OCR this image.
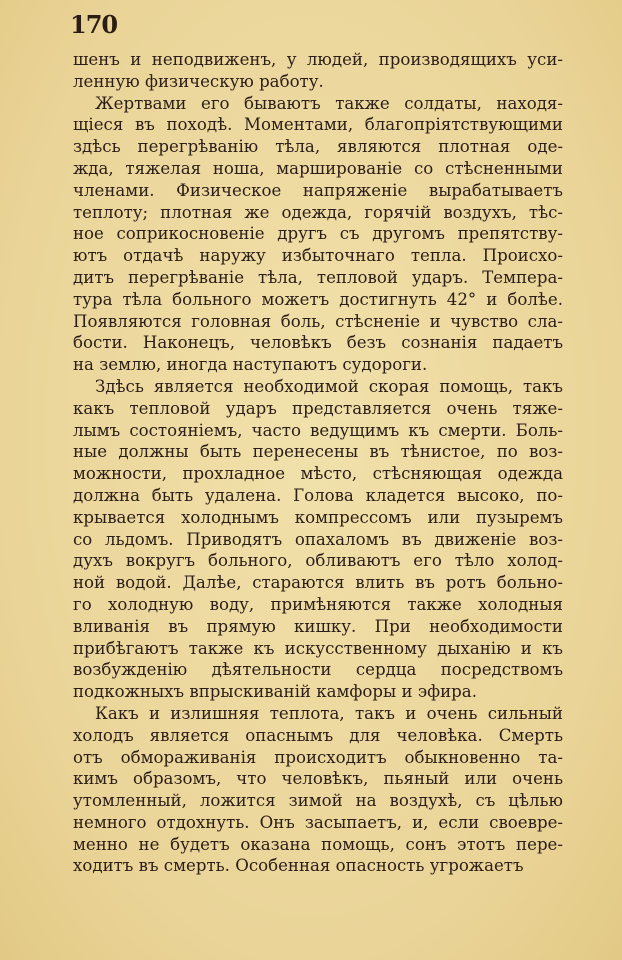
170
шенъ и неподвиженъ, у людей, производящихъ уси-
ленную физическую работу.
Жертвами его бываютъ также солдаты, находя-
щіеся въ походѣ. Моментами, благопріятствующими
здѣсь перегрѣванію тѣла, являются плотная оде-
жда, тяжелая ноша, маршированіе со стѣсненными
членами. Физическое напряженіе вырабатываетъ
теплоту; плотная же одежда, горячій воздухъ, тѣс-
ное соприкосновеніе другъ съ другомъ препятству-
ютъ отдачѣ наружу избыточнаго тепла. Происхо-
дитъ перегрѣваніе тѣла, тепловой ударъ. Темпера-
тура тѣла больного можетъ достигнуть 42° и болѣе.
Появляются головная боль, стѣсненіе и чувство сла-
бости. Наконецъ, человѣкъ безъ сознанія падаетъ
на землю, иногда наступаютъ судороги.
Здѣсь является необходимой скорая помощь, такъ
какъ тепловой ударъ представляется очень тяже-
лымъ состояніемъ, часто ведущимъ къ смерти. Боль-
ные должны быть перенесены въ тѣнистое, по воз-
можности, прохладное мѣсто, стѣсняющая одежда
должна быть удалена. Голова кладется высоко, по-
крывается холоднымъ компрессомъ или пузыремъ
со льдомъ. Приводятъ опахаломъ въ движеніе воз-
духъ вокругъ больного, обливаютъ его тѣло холод-
ной водой. Далѣе, стараются влить въ ротъ больно-
го холодную воду, примѣняются также холодныя
вливанія въ прямую кишку. При необходимости
прибѣгаютъ также къ искусственному дыханію и къ
возбужденію дѣятельности сердца посредствомъ
подкожныхъ впрыскиваній камфоры и эфира.
Какъ и излишняя теплота, такъ и очень сильный
холодъ является опаснымъ для человѣка. Смерть
отъ обмораживанія происходитъ обыкновенно та-
кимъ образомъ, что человѣкъ, пьяный или очень
утомленный, ложится зимой на воздухѣ, съ цѣлью
немного отдохнуть. Онъ засыпаетъ, и, если своевре-
менно не будетъ оказана помощь, сонъ этотъ пере-
ходитъ въ смерть. Особенная опасность угрожаетъ
